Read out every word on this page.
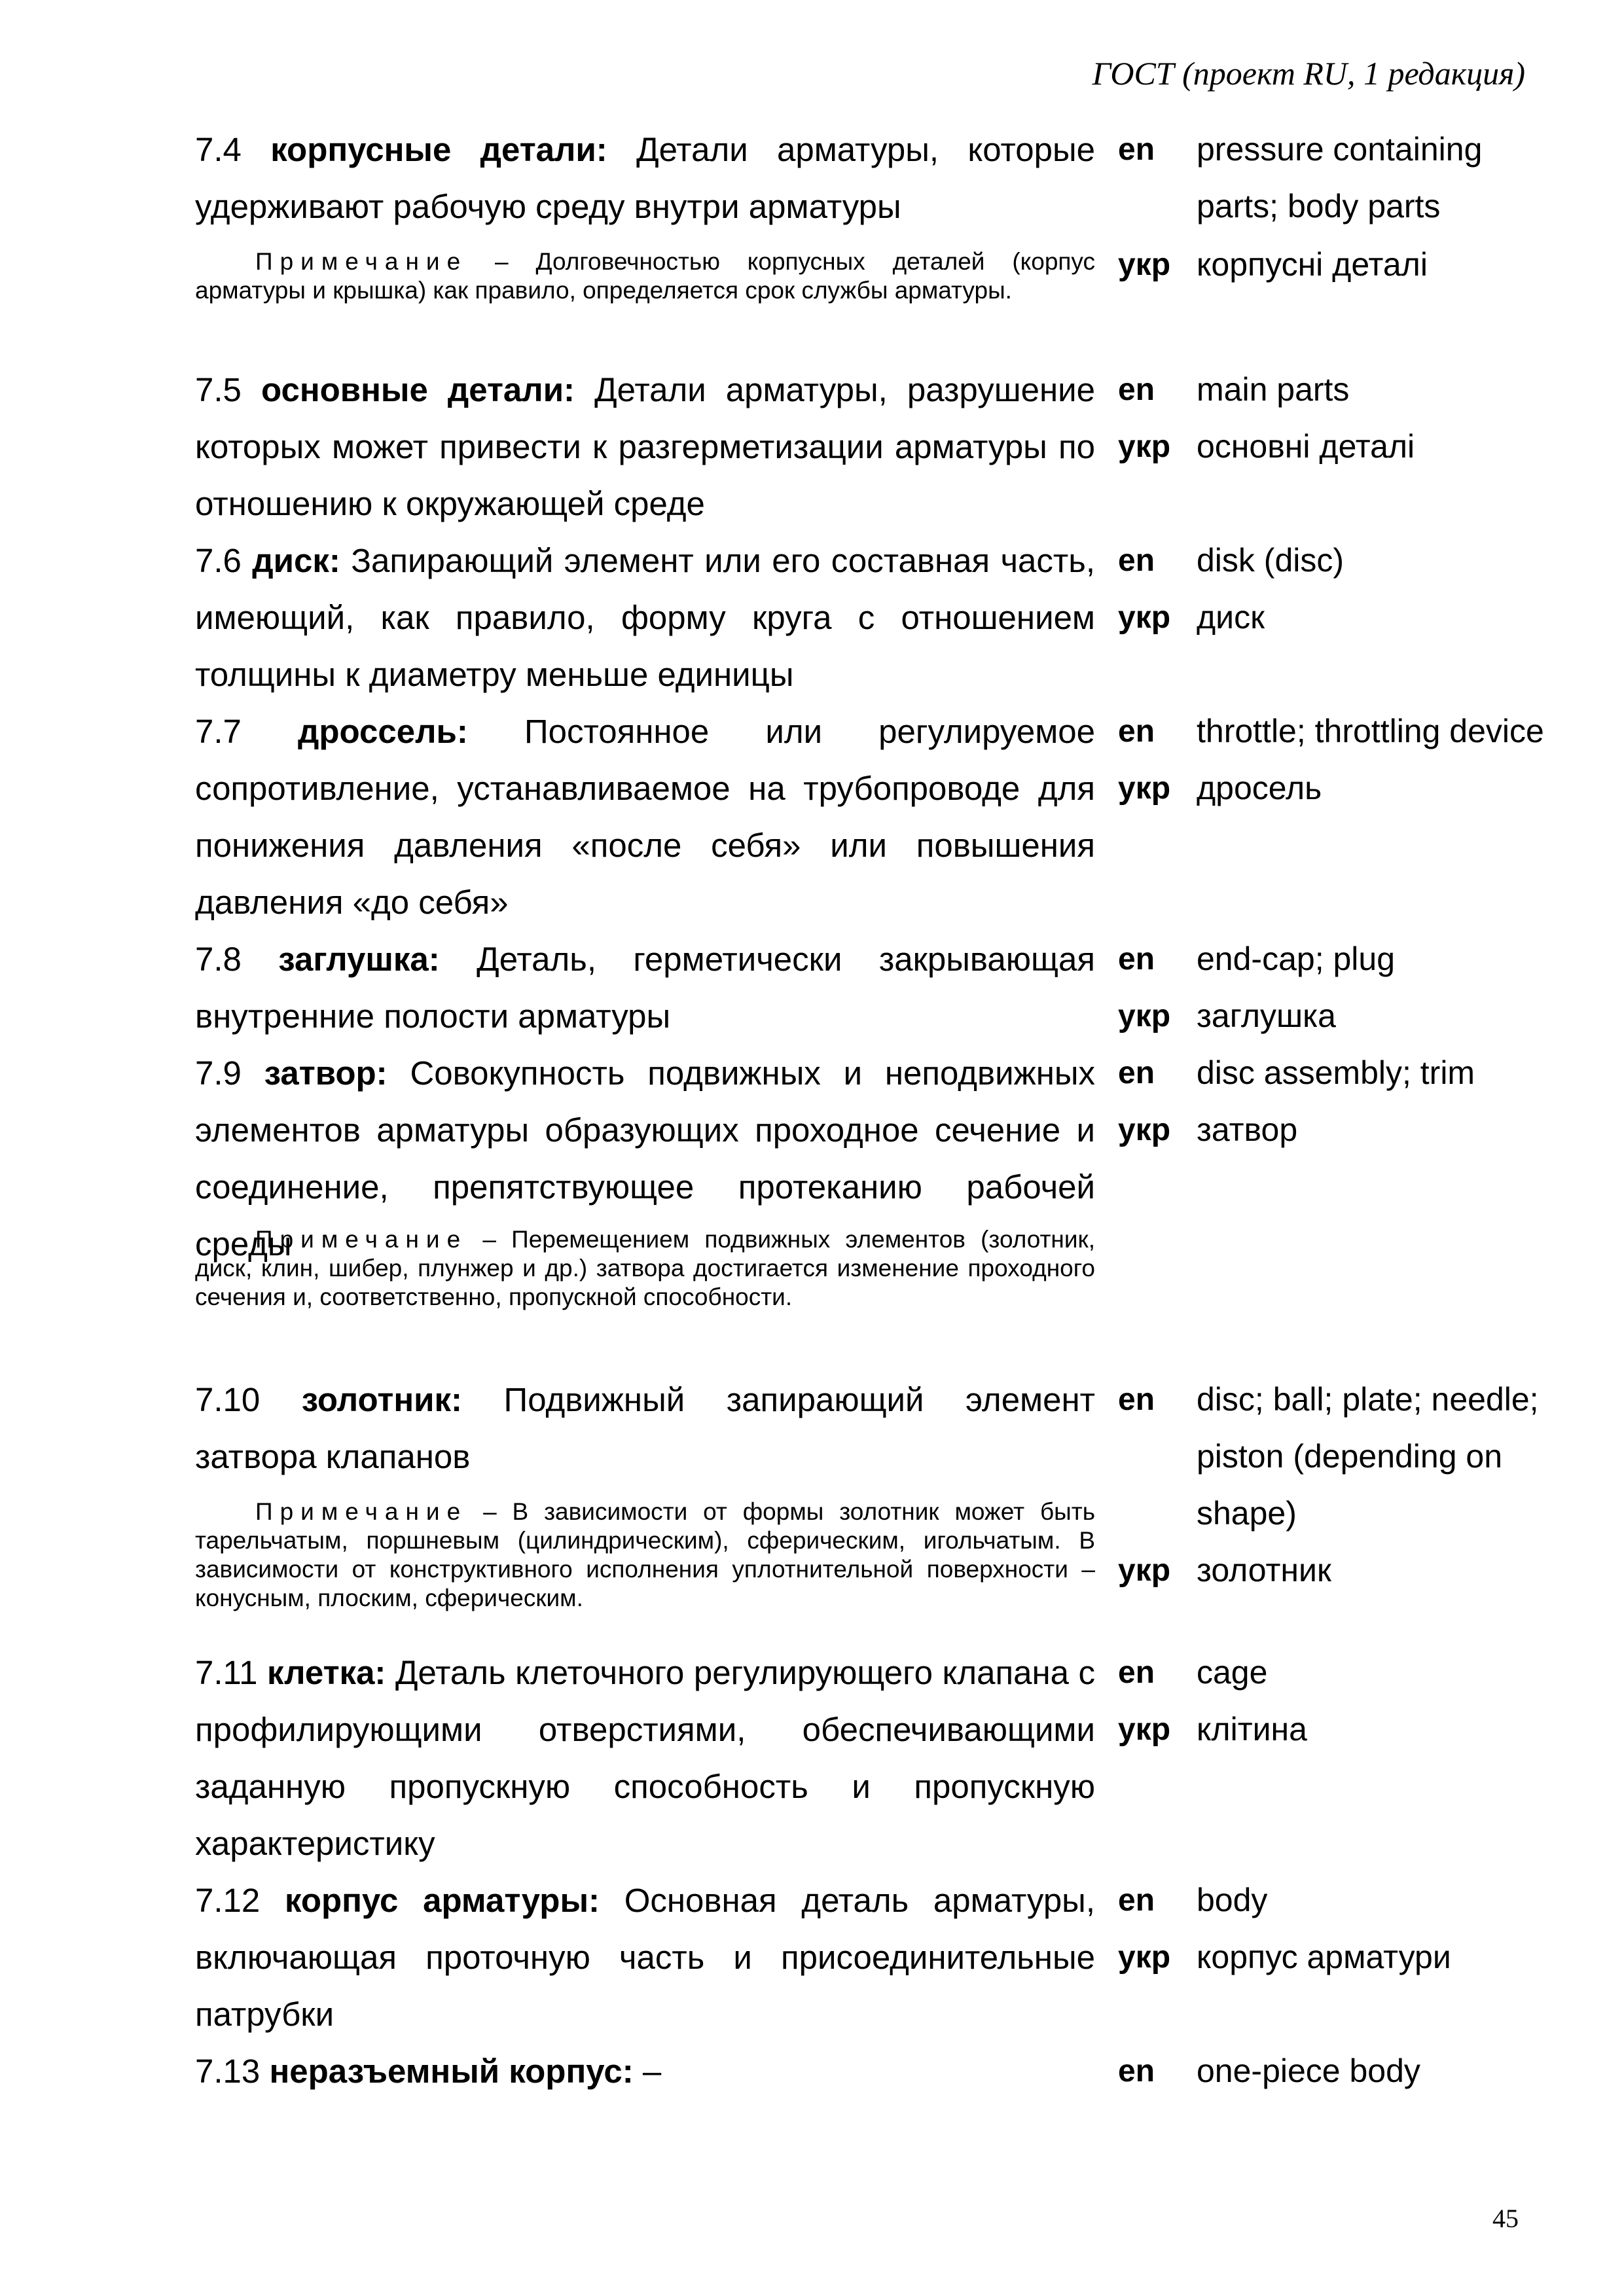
ГОСТ (проект RU, 1 редакция)
7.4 корпусные детали: Детали арматуры, которые удерживают рабочую среду внутри арматуры
Примечание – Долговечностью корпусных деталей (корпус арматуры и крышка) как правило, определяется срок службы арматуры.
en	pressure containing parts; body parts
укр корпусні деталі
7.5 основные детали: Детали арматуры, разрушение которых может привести к разгерметизации арматуры по отношению к окружающей среде
en	main parts
укр основні деталі
7.6 диск: Запирающий элемент или его составная часть, имеющий, как правило, форму круга с отношением толщины к диаметру меньше единицы
en	disk (disc)
укр диск
7.7 дроссель: Постоянное или регулируемое сопротивление, устанавливаемое на трубопроводе для понижения давления «после себя» или повышения давления «до себя»
en	throttle; throttling device
укр дросель
7.8 заглушка: Деталь, герметически закрывающая внутренние полости арматуры
en	end-cap; plug
укр заглушка
7.9 затвор: Совокупность подвижных и неподвижных элементов арматуры образующих проходное сечение и соединение, препятствующее протеканию рабочей среды
Примечание – Перемещением подвижных элементов (золотник, диск, клин, шибер, плунжер и др.) затвора достигается изменение проходного сечения и, соответственно, пропускной способности.
en	disc assembly; trim
укр затвор
7.10 золотник: Подвижный запирающий элемент затвора клапанов
Примечание – В зависимости от формы золотник может быть тарельчатым, поршневым (цилиндрическим), сферическим, игольчатым. В зависимости от конструктивного исполнения уплотнительной поверхности – конусным, плоским, сферическим.
en	disc; ball; plate; needle; piston (depending on shape)
укр золотник
7.11 клетка: Деталь клеточного регулирующего клапана с профилирующими отверстиями, обеспечивающими заданную пропускную способность и пропускную характеристику
en	cage
укр клітина
7.12 корпус арматуры: Основная деталь арматуры, включающая проточную часть и присоединительные патрубки
en	body
укр корпус арматури
7.13 неразъемный корпус: –	en	one-piece body
45
